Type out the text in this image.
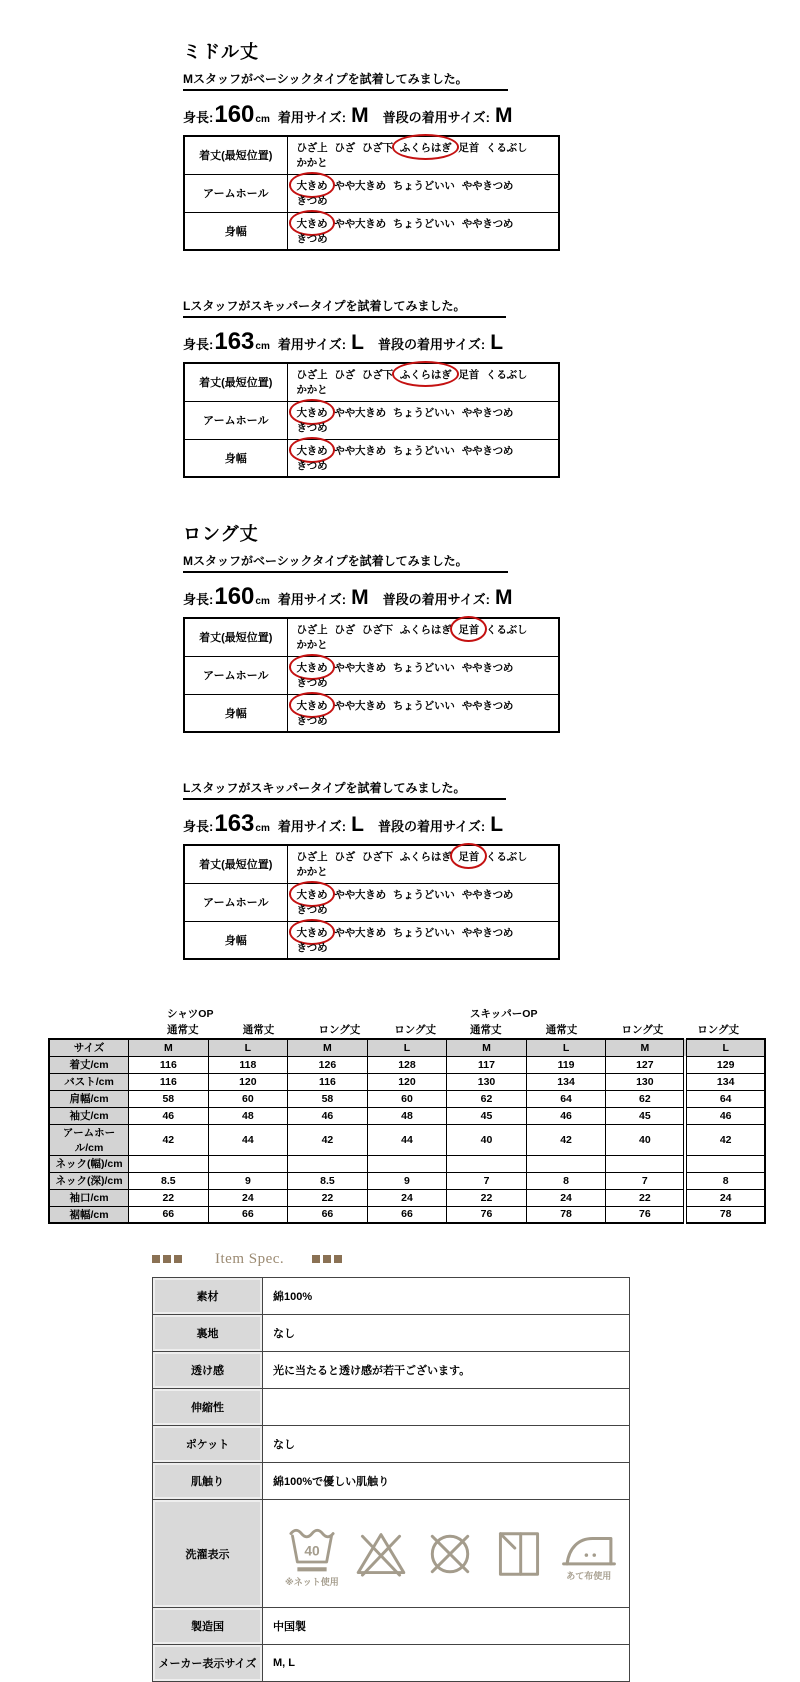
ミドル丈
Mスタッフがベーシックタイプを試着してみました。
身長: 160 cm 着用サイズ: M 普段の着用サイズ: M
着丈(最短位置)	ひざ上 ひざ ひざ下 ふくらはぎ 足首 くるぶしかかと
アームホール	大きめ やや大きめ ちょうどいい ややきつめきつめ
身幅	大きめ やや大きめ ちょうどいい ややきつめきつめ
Lスタッフがスキッパータイプを試着してみました。
身長: 163 cm 着用サイズ: L 普段の着用サイズ: L
着丈(最短位置)	ひざ上 ひざ ひざ下 ふくらはぎ 足首 くるぶしかかと
アームホール	大きめ やや大きめ ちょうどいい ややきつめきつめ
身幅	大きめ やや大きめ ちょうどいい ややきつめきつめ
ロング丈
Mスタッフがベーシックタイプを試着してみました。
身長: 160 cm 着用サイズ: M 普段の着用サイズ: M
着丈(最短位置)	ひざ上 ひざ ひざ下 ふくらはぎ 足首 くるぶしかかと
アームホール	大きめ やや大きめ ちょうどいい ややきつめきつめ
身幅	大きめ やや大きめ ちょうどいい ややきつめきつめ
Lスタッフがスキッパータイプを試着してみました。
身長: 163 cm 着用サイズ: L 普段の着用サイズ: L
着丈(最短位置)	ひざ上 ひざ ひざ下 ふくらはぎ 足首 くるぶしかかと
アームホール	大きめ やや大きめ ちょうどいい ややきつめきつめ
身幅	大きめ やや大きめ ちょうどいい ややきつめきつめ
シャツOP	スキッパーOP
通常丈	通常丈	ロング丈	ロング丈	通常丈	通常丈	ロング丈	ロング丈
サイズ	M	L	M	L	M	L	M	L
着丈/cm	116	118	126	128	117	119	127	129
バスト/cm	116	120	116	120	130	134	130	134
肩幅/cm	58	60	58	60	62	64	62	64
袖丈/cm	46	48	46	48	45	46	45	46
アームホール/cm	42	44	42	44	40	42	40	42
ネック(幅)/cm								
ネック(深)/cm	8.5	9	8.5	9	7	8	7	8
袖口/cm	22	24	22	24	22	24	22	24
裾幅/cm	66	66	66	66	76	78	76	78
Item Spec.
素材	綿100%
裏地	なし
透け感	光に当たると透け感が若干ございます。
伸縮性	
ポケット	なし
肌触り	綿100%で優しい肌触り
洗濯表示	40
※ネット使用
あて布使用

製造国	中国製
メーカー表示サイズ	M, L
